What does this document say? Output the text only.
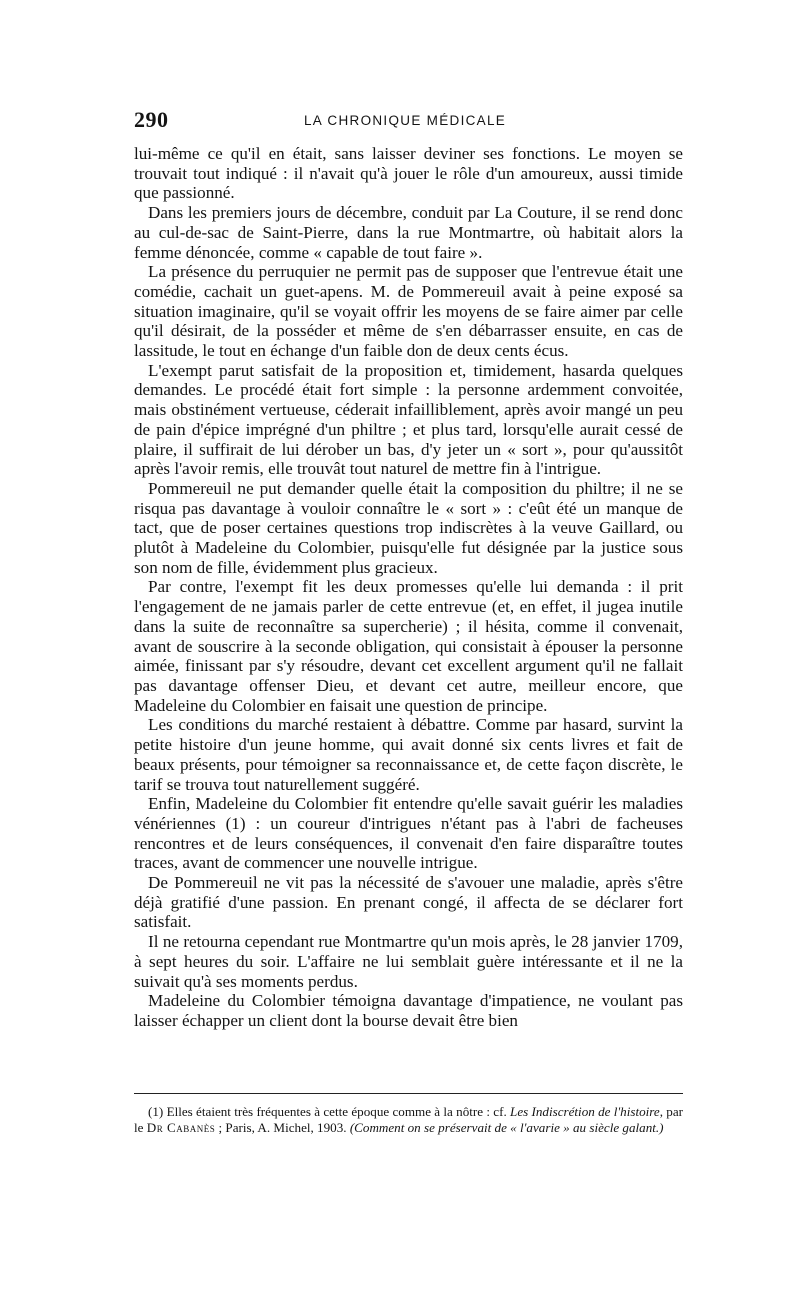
290	LA CHRONIQUE MÉDICALE

lui-même ce qu'il en était, sans laisser deviner ses fonctions. Le moyen se trouvait tout indiqué : il n'avait qu'à jouer le rôle d'un amoureux, aussi timide que passionné.

Dans les premiers jours de décembre, conduit par La Couture, il se rend donc au cul-de-sac de Saint-Pierre, dans la rue Montmartre, où habitait alors la femme dénoncée, comme « capable de tout faire ».

La présence du perruquier ne permit pas de supposer que l'entrevue était une comédie, cachait un guet-apens. M. de Pommereuil avait à peine exposé sa situation imaginaire, qu'il se voyait offrir les moyens de se faire aimer par celle qu'il désirait, de la posséder et même de s'en débarrasser ensuite, en cas de lassitude, le tout en échange d'un faible don de deux cents écus.

L'exempt parut satisfait de la proposition et, timidement, hasarda quelques demandes. Le procédé était fort simple : la personne ardemment convoitée, mais obstinément vertueuse, céderait infailliblement, après avoir mangé un peu de pain d'épice imprégné d'un philtre ; et plus tard, lorsqu'elle aurait cessé de plaire, il suffirait de lui dérober un bas, d'y jeter un « sort », pour qu'aussitôt après l'avoir remis, elle trouvât tout naturel de mettre fin à l'intrigue.

Pommereuil ne put demander quelle était la composition du philtre; il ne se risqua pas davantage à vouloir connaître le « sort » : c'eût été un manque de tact, que de poser certaines questions trop indiscrètes à la veuve Gaillard, ou plutôt à Madeleine du Colombier, puisqu'elle fut désignée par la justice sous son nom de fille, évidemment plus gracieux.

Par contre, l'exempt fit les deux promesses qu'elle lui demanda : il prit l'engagement de ne jamais parler de cette entrevue (et, en effet, il jugea inutile dans la suite de reconnaître sa supercherie) ; il hésita, comme il convenait, avant de souscrire à la seconde obligation, qui consistait à épouser la personne aimée, finissant par s'y résoudre, devant cet excellent argument qu'il ne fallait pas davantage offenser Dieu, et devant cet autre, meilleur encore, que Madeleine du Colombier en faisait une question de principe.

Les conditions du marché restaient à débattre. Comme par hasard, survint la petite histoire d'un jeune homme, qui avait donné six cents livres et fait de beaux présents, pour témoigner sa reconnaissance et, de cette façon discrète, le tarif se trouva tout naturellement suggéré.

Enfin, Madeleine du Colombier fit entendre qu'elle savait guérir les maladies vénériennes (1) : un coureur d'intrigues n'étant pas à l'abri de facheuses rencontres et de leurs conséquences, il convenait d'en faire disparaître toutes traces, avant de commencer une nouvelle intrigue.

De Pommereuil ne vit pas la nécessité de s'avouer une maladie, après s'être déjà gratifié d'une passion. En prenant congé, il affecta de se déclarer fort satisfait.

Il ne retourna cependant rue Montmartre qu'un mois après, le 28 janvier 1709, à sept heures du soir. L'affaire ne lui semblait guère intéressante et il ne la suivait qu'à ses moments perdus.

Madeleine du Colombier témoigna davantage d'impatience, ne voulant pas laisser échapper un client dont la bourse devait être bien

(1) Elles étaient très fréquentes à cette époque comme à la nôtre : cf. Les Indiscrétion de l'histoire, par le Dr Cabanès ; Paris, A. Michel, 1903. (Comment on se préservait de « l'avarie » au siècle galant.)
